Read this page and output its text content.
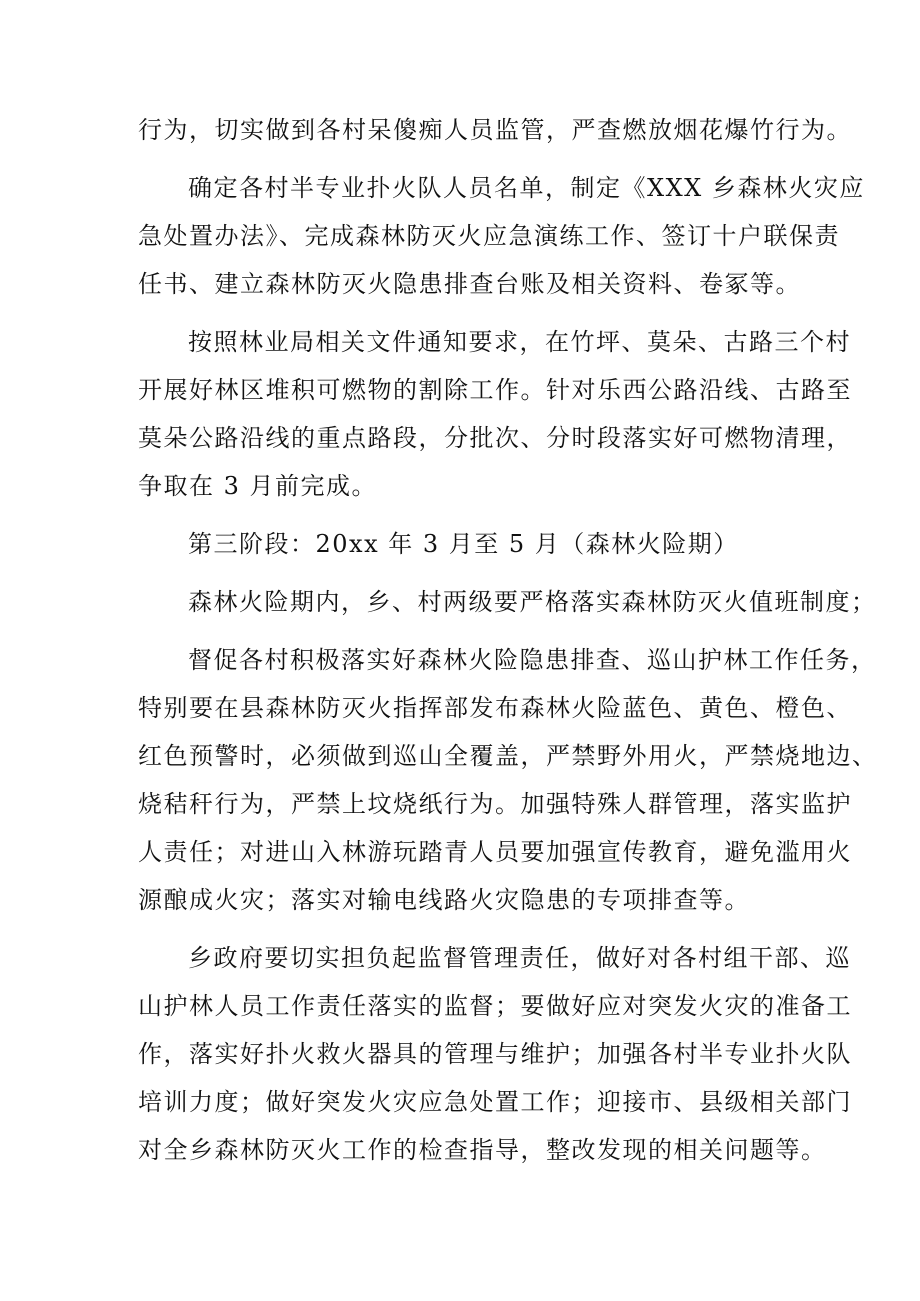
行为，切实做到各村呆傻痴人员监管，严查燃放烟花爆竹行为。
确定各村半专业扑火队人员名单，制定《XXX 乡森林火灾应
急处置办法》、完成森林防灭火应急演练工作、签订十户联保责
任书、建立森林防灭火隐患排查台账及相关资料、卷冢等。
按照林业局相关文件通知要求，在竹坪、莫朵、古路三个村
开展好林区堆积可燃物的割除工作。针对乐西公路沿线、古路至
莫朵公路沿线的重点路段，分批次、分时段落实好可燃物清理，
争取在 3 月前完成。
第三阶段：20xx 年 3 月至 5 月（森林火险期）
森林火险期内，乡、村两级要严格落实森林防灭火值班制度；
督促各村积极落实好森林火险隐患排查、巡山护林工作任务，
特别要在县森林防灭火指挥部发布森林火险蓝色、黄色、橙色、
红色预警时，必须做到巡山全覆盖，严禁野外用火，严禁烧地边、
烧秸秆行为，严禁上坟烧纸行为。加强特殊人群管理，落实监护
人责任；对进山入林游玩踏青人员要加强宣传教育，避免滥用火
源酿成火灾；落实对输电线路火灾隐患的专项排查等。
乡政府要切实担负起监督管理责任，做好对各村组干部、巡
山护林人员工作责任落实的监督；要做好应对突发火灾的准备工
作，落实好扑火救火器具的管理与维护；加强各村半专业扑火队
培训力度；做好突发火灾应急处置工作；迎接市、县级相关部门
对全乡森林防灭火工作的检查指导，整改发现的相关问题等。
